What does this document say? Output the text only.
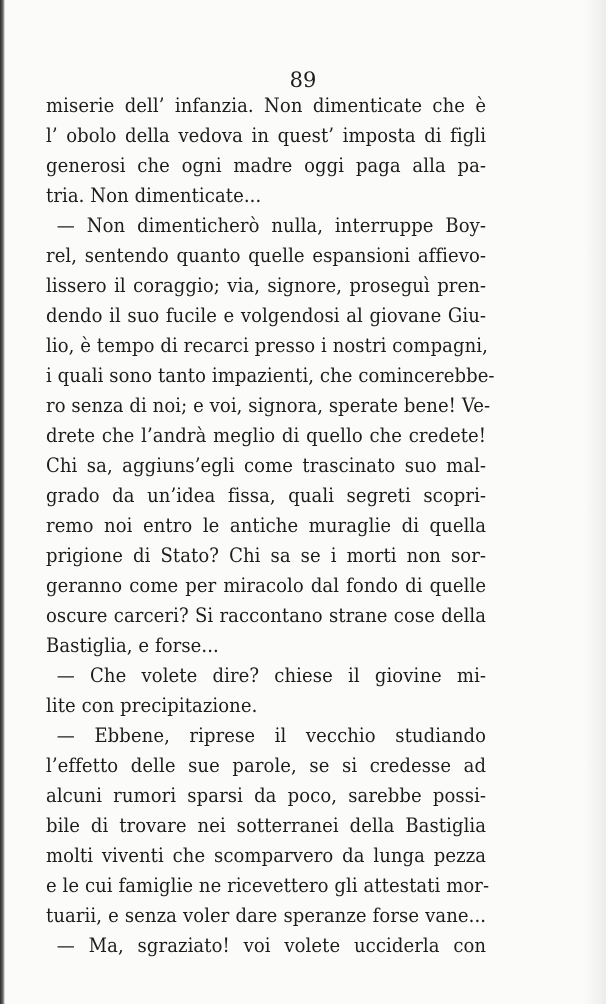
89
miserie dell’ infanzia. Non dimenticate che è
l’ obolo della vedova in quest’ imposta di figli
generosi che ogni madre oggi paga alla pa-
tria. Non dimenticate...
— Non dimenticherò nulla, interruppe Boy-
rel, sentendo quanto quelle espansioni affievo-
lissero il coraggio; via, signore, proseguì pren-
dendo il suo fucile e volgendosi al giovane Giu-
lio, è tempo di recarci presso i nostri compagni,
i quali sono tanto impazienti, che comincerebbe-
ro senza di noi; e voi, signora, sperate bene! Ve-
drete che l’andrà meglio di quello che credete!
Chi sa, aggiuns’egli come trascinato suo mal-
grado da un’idea fissa, quali segreti scopri-
remo noi entro le antiche muraglie di quella
prigione di Stato? Chi sa se i morti non sor-
geranno come per miracolo dal fondo di quelle
oscure carceri? Si raccontano strane cose della
Bastiglia, e forse...
— Che volete dire? chiese il giovine mi-
lite con precipitazione.
— Ebbene, riprese il vecchio studiando
l’effetto delle sue parole, se si credesse ad
alcuni rumori sparsi da poco, sarebbe possi-
bile di trovare nei sotterranei della Bastiglia
molti viventi che scomparvero da lunga pezza
e le cui famiglie ne ricevettero gli attestati mor-
tuarii, e senza voler dare speranze forse vane...
— Ma, sgraziato! voi volete ucciderla con
